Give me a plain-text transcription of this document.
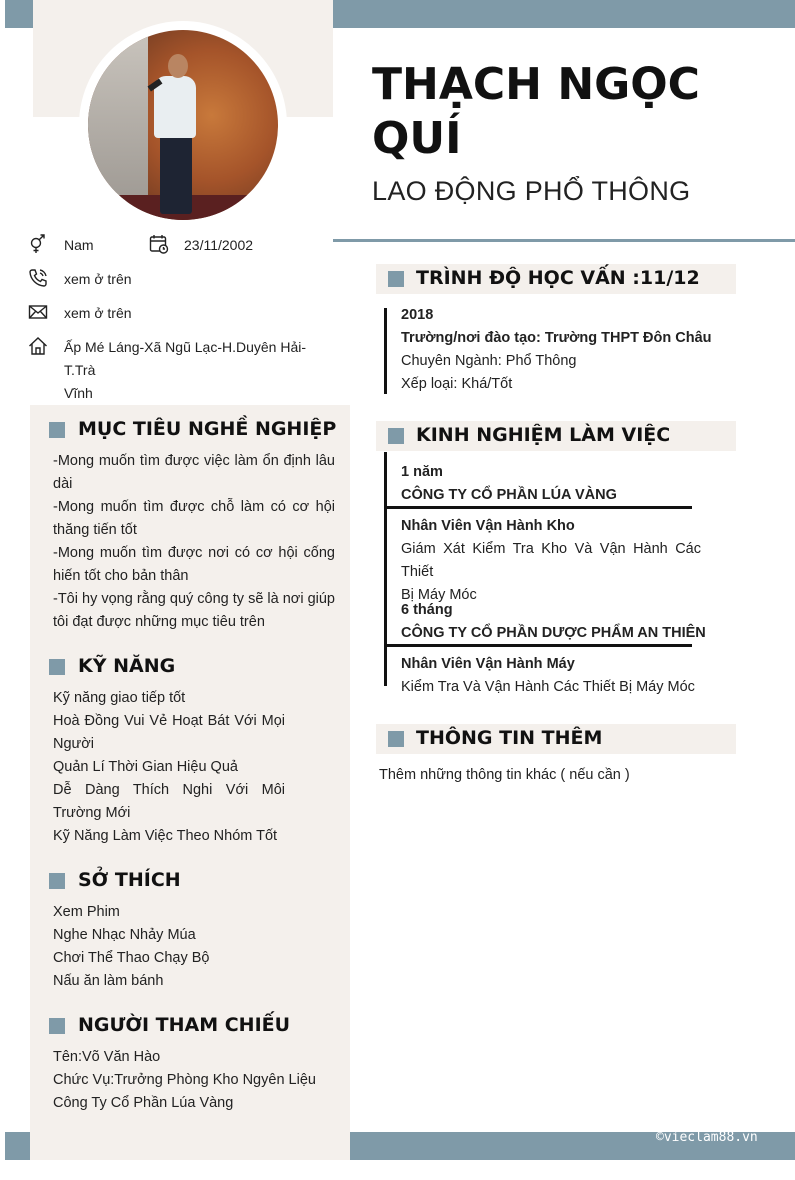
THẠCH NGỌC QUÍ
LAO ĐỘNG PHỔ THÔNG
Nam	23/11/2002
xem ở trên
xem ở trên
Ấp Mé Láng-Xã Ngũ Lạc-H.Duyên Hải-T.Trà
Vĩnh
MỤC TIÊU NGHỀ NGHIỆP
-Mong muốn tìm được việc làm ổn định lâu dài
-Mong muốn tìm được chỗ làm có cơ hội thăng tiến tốt
-Mong muốn tìm được nơi có cơ hội cống hiến tốt cho bản thân
-Tôi hy vọng rằng quý công ty sẽ là nơi giúp tôi đạt được những mục tiêu trên
KỸ NĂNG
Kỹ năng giao tiếp tốt
Hoà Đồng Vui Vẻ Hoạt Bát Với Mọi Người
Quản Lí Thời Gian Hiệu Quả
Dễ Dàng Thích Nghi Với Môi Trường Mới
Kỹ Năng Làm Việc Theo Nhóm Tốt
SỞ THÍCH
Xem Phim
Nghe Nhạc Nhảy Múa
Chơi Thể Thao Chạy Bộ
Nấu ăn làm bánh
NGƯỜI THAM CHIẾU
Tên:Võ Văn Hào
Chức Vụ:Trưởng Phòng Kho Ngyên Liệu
Công Ty Cổ Phần Lúa Vàng
TRÌNH ĐỘ HỌC VẤN :11/12
2018
Trường/nơi đào tạo: Trường THPT Đôn Châu
Chuyên Ngành: Phổ Thông
Xếp loại: Khá/Tốt
KINH NGHIỆM LÀM VIỆC
1 năm
CÔNG TY CỔ PHẦN LÚA VÀNG
Nhân Viên Vận Hành Kho
Giám Xát Kiểm Tra Kho Và Vận Hành Các Thiết
Bị Máy Móc
6 tháng
CÔNG TY CỔ PHẦN DƯỢC PHẨM AN THIÊN
Nhân Viên Vận Hành Máy
Kiểm Tra Và Vận Hành Các Thiết Bị Máy Móc
THÔNG TIN THÊM
Thêm những thông tin khác ( nếu cần )
©vieclam88.vn
